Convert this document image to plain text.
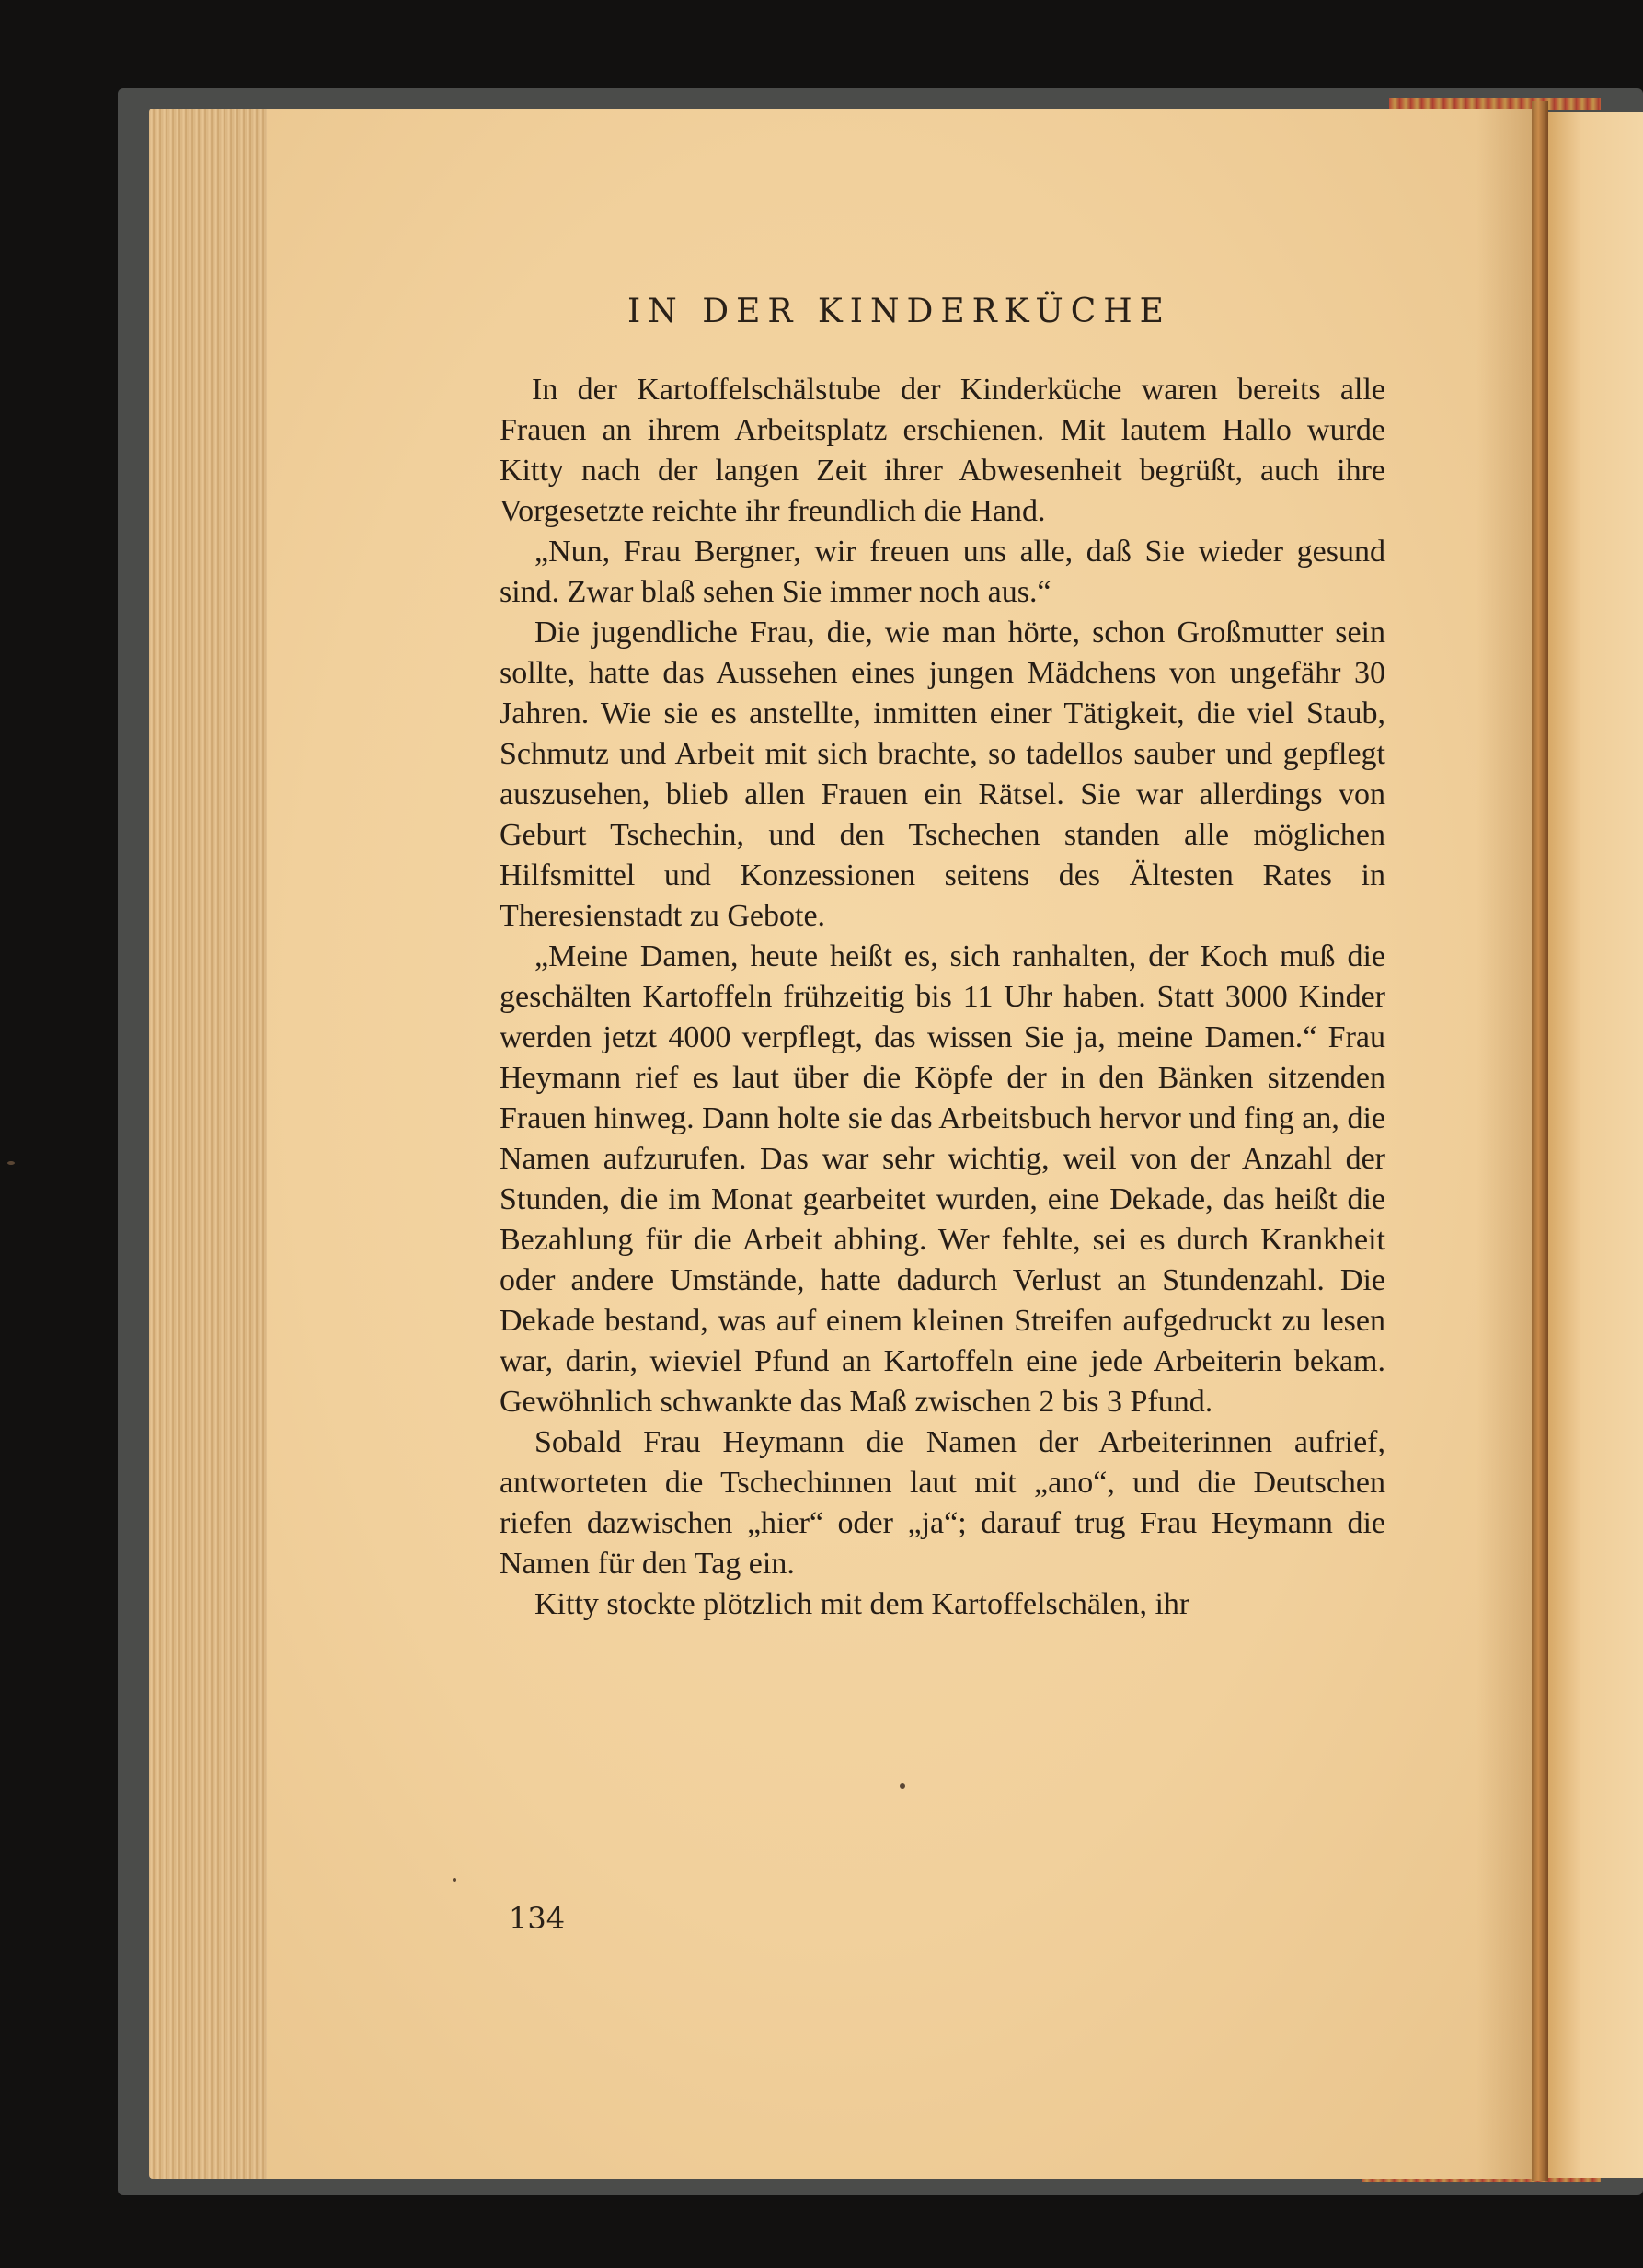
IN DER KINDERKÜCHE

In der Kartoffelschälstube der Kinderküche waren bereits alle Frauen an ihrem Arbeitsplatz erschienen. Mit lautem Hallo wurde Kitty nach der langen Zeit ihrer Abwesenheit begrüßt, auch ihre Vorgesetzte reichte ihr freundlich die Hand.

„Nun, Frau Bergner, wir freuen uns alle, daß Sie wieder gesund sind. Zwar blaß sehen Sie immer noch aus.“

Die jugendliche Frau, die, wie man hörte, schon Großmutter sein sollte, hatte das Aussehen eines jungen Mädchens von ungefähr 30 Jahren. Wie sie es anstellte, inmitten einer Tätigkeit, die viel Staub, Schmutz und Arbeit mit sich brachte, so tadellos sauber und gepflegt auszusehen, blieb allen Frauen ein Rätsel. Sie war allerdings von Geburt Tschechin, und den Tschechen standen alle möglichen Hilfsmittel und Konzessionen seitens des Ältesten Rates in Theresienstadt zu Gebote.

„Meine Damen, heute heißt es, sich ranhalten, der Koch muß die geschälten Kartoffeln frühzeitig bis 11 Uhr haben. Statt 3000 Kinder werden jetzt 4000 verpflegt, das wissen Sie ja, meine Damen.“ Frau Heymann rief es laut über die Köpfe der in den Bänken sitzenden Frauen hinweg. Dann holte sie das Arbeitsbuch hervor und fing an, die Namen aufzurufen. Das war sehr wichtig, weil von der Anzahl der Stunden, die im Monat gearbeitet wurden, eine Dekade, das heißt die Bezahlung für die Arbeit abhing. Wer fehlte, sei es durch Krankheit oder andere Umstände, hatte dadurch Verlust an Stundenzahl. Die Dekade bestand, was auf einem kleinen Streifen aufgedruckt zu lesen war, darin, wieviel Pfund an Kartoffeln eine jede Arbeiterin bekam. Gewöhnlich schwankte das Maß zwischen 2 bis 3 Pfund.

Sobald Frau Heymann die Namen der Arbeiterinnen aufrief, antworteten die Tschechinnen laut mit „ano“, und die Deutschen riefen dazwischen „hier“ oder „ja“; darauf trug Frau Heymann die Namen für den Tag ein.

Kitty stockte plötzlich mit dem Kartoffelschälen, ihr

134
